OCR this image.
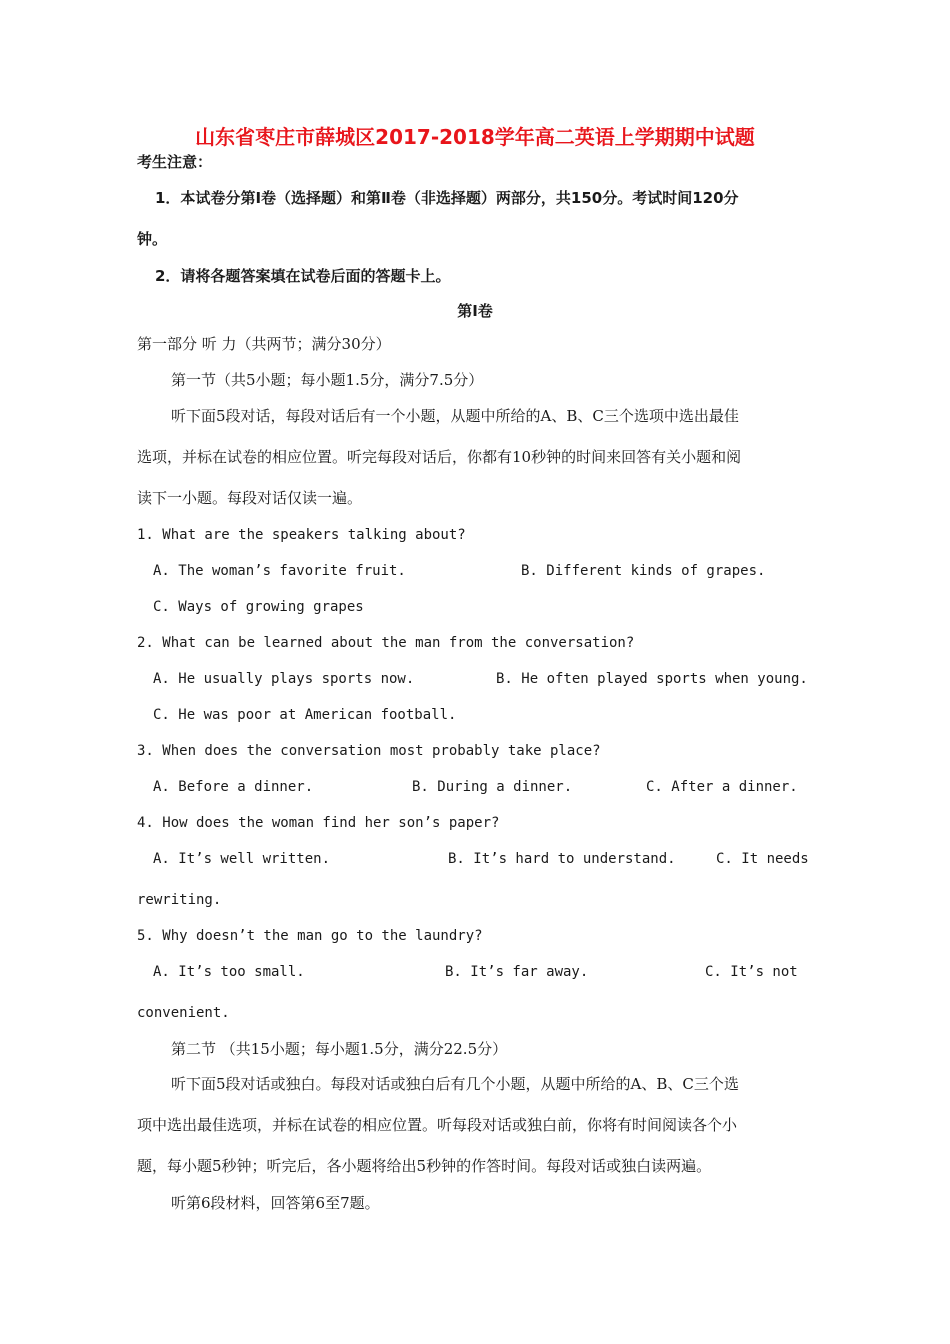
山东省枣庄市薛城区2017-2018学年高二英语上学期期中试题
考生注意：
1．本试卷分第Ⅰ卷（选择题）和第Ⅱ卷（非选择题）两部分，共150分。考试时间120分
钟。
2．请将各题答案填在试卷后面的答题卡上。
第Ⅰ卷
第一部分 听 力（共两节；满分30分）
第一节（共5小题；每小题1.5分，满分7.5分）
听下面5段对话，每段对话后有一个小题，从题中所给的A、B、C三个选项中选出最佳
选项，并标在试卷的相应位置。听完每段对话后，你都有10秒钟的时间来回答有关小题和阅
读下一小题。每段对话仅读一遍。
1. What are the speakers talking about?
A. The woman’s favorite fruit.	B. Different kinds of grapes.
C. Ways of growing grapes
2. What can be learned about the man from the conversation?
A. He usually plays sports now.	B. He often played sports when young.
C. He was poor at American football.
3. When does the conversation most probably take place?
A. Before a dinner.	B. During a dinner.	C. After a dinner.
4. How does the woman find her son’s paper?
A. It’s well written.	B. It’s hard to understand.	C. It needs
rewriting.
5. Why doesn’t the man go to the laundry?
A. It’s too small.	B. It’s far away.	C. It’s not
convenient.
第二节 （共15小题；每小题1.5分，满分22.5分）
听下面5段对话或独白。每段对话或独白后有几个小题，从题中所给的A、B、C三个选
项中选出最佳选项，并标在试卷的相应位置。听每段对话或独白前，你将有时间阅读各个小
题，每小题5秒钟；听完后，各小题将给出5秒钟的作答时间。每段对话或独白读两遍。
听第6段材料，回答第6至7题。
